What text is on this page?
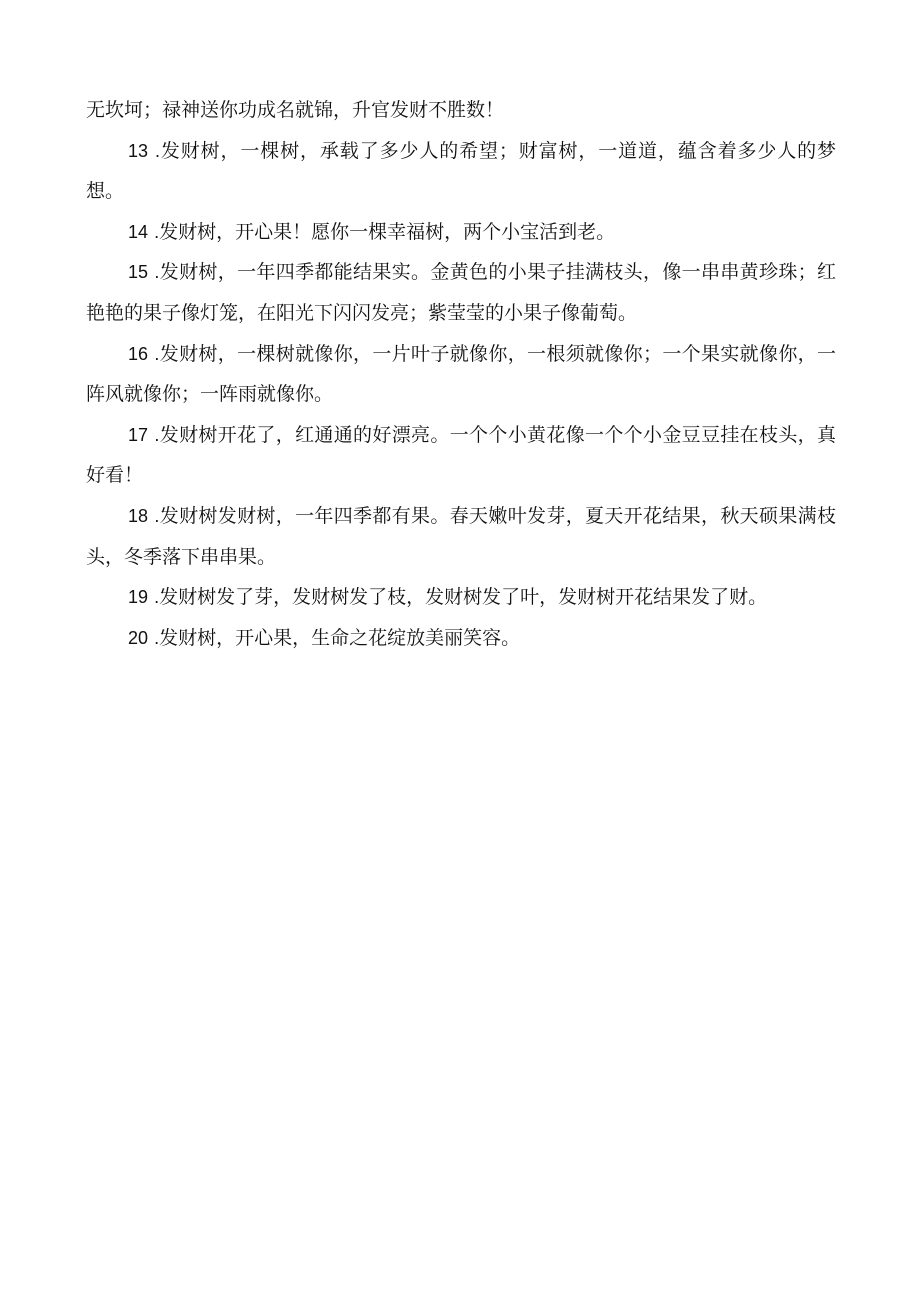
无坎坷；禄神送你功成名就锦，升官发财不胜数！

13 .发财树，一棵树，承载了多少人的希望；财富树，一道道，蕴含着多少人的梦想。

14 .发财树，开心果！愿你一棵幸福树，两个小宝活到老。

15 .发财树，一年四季都能结果实。金黄色的小果子挂满枝头，像一串串黄珍珠；红艳艳的果子像灯笼，在阳光下闪闪发亮；紫莹莹的小果子像葡萄。

16 .发财树，一棵树就像你，一片叶子就像你，一根须就像你；一个果实就像你，一阵风就像你；一阵雨就像你。

17 .发财树开花了，红通通的好漂亮。一个个小黄花像一个个小金豆豆挂在枝头，真好看！

18 .发财树发财树，一年四季都有果。春天嫩叶发芽，夏天开花结果，秋天硕果满枝头，冬季落下串串果。

19 .发财树发了芽，发财树发了枝，发财树发了叶，发财树开花结果发了财。

20 .发财树，开心果，生命之花绽放美丽笑容。
